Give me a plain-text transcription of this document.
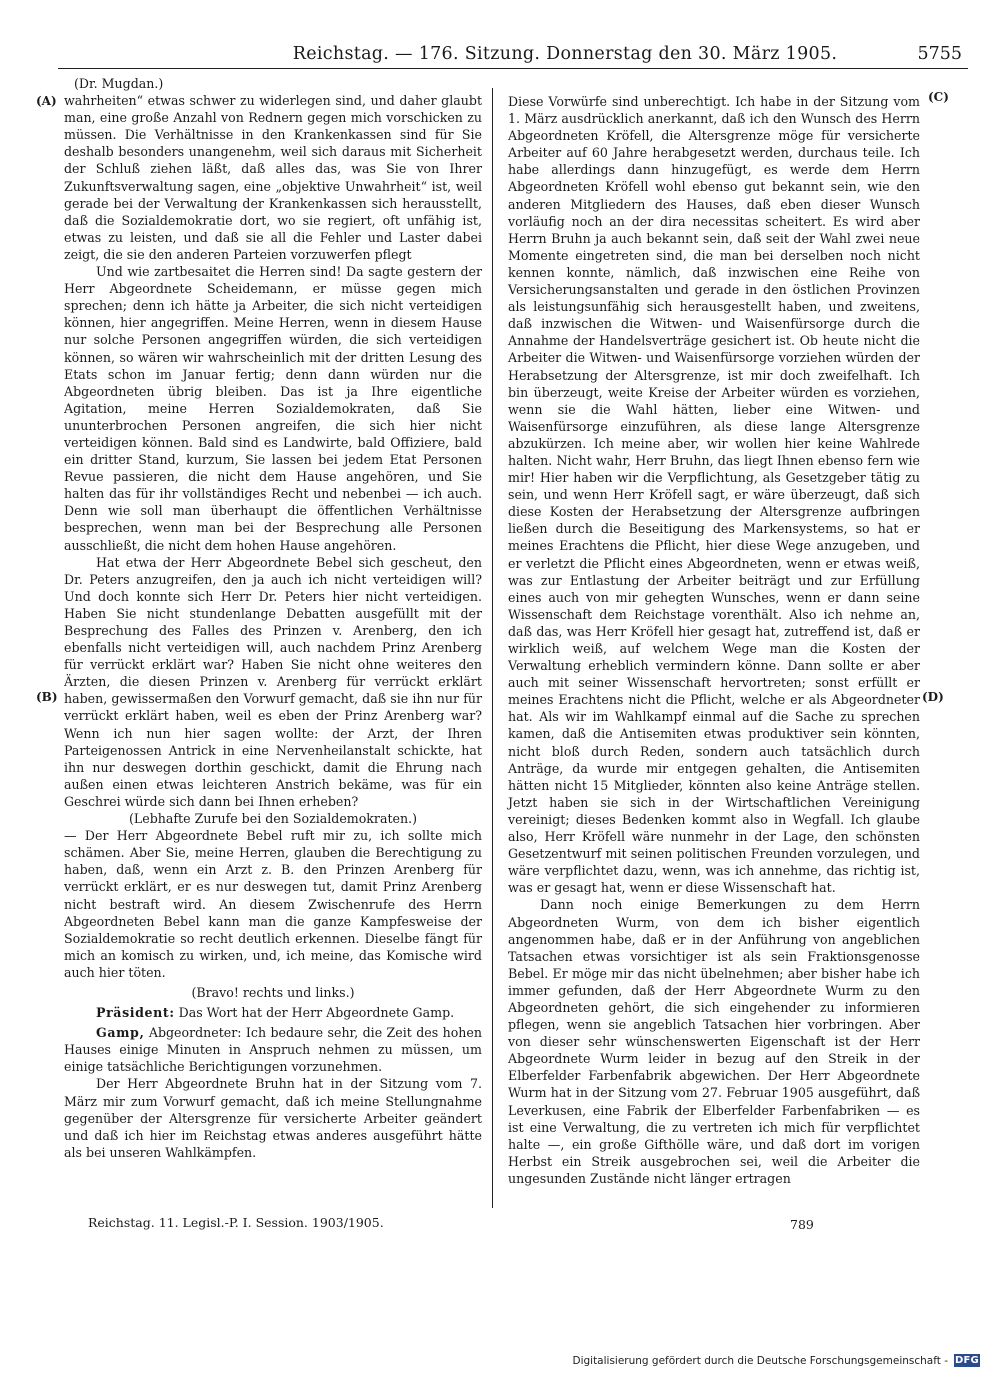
Reichstag. — 176. Sitzung. Donnerstag den 30. März 1905.	5755
(A)
(B)
(C)
(D)

(Dr. Mugdan.)

wahrheiten“ etwas schwer zu widerlegen sind, und daher glaubt man, eine große Anzahl von Rednern gegen mich vorschicken zu müssen. Die Verhältnisse in den Krankenkassen sind für Sie deshalb besonders unangenehm, weil sich daraus mit Sicherheit der Schluß ziehen läßt, daß alles das, was Sie von Ihrer Zukunftsverwaltung sagen, eine „objektive Unwahrheit“ ist, weil gerade bei der Verwaltung der Krankenkassen sich herausstellt, daß die Sozialdemokratie dort, wo sie regiert, oft unfähig ist, etwas zu leisten, und daß sie all die Fehler und Laster dabei zeigt, die sie den anderen Parteien vorzuwerfen pflegt

Und wie zartbesaitet die Herren sind! Da sagte gestern der Herr Abgeordnete Scheidemann, er müsse gegen mich sprechen; denn ich hätte ja Arbeiter, die sich nicht verteidigen können, hier angegriffen. Meine Herren, wenn in diesem Hause nur solche Personen angegriffen würden, die sich verteidigen können, so wären wir wahrscheinlich mit der dritten Lesung des Etats schon im Januar fertig; denn dann würden nur die Abgeordneten übrig bleiben. Das ist ja Ihre eigentliche Agitation, meine Herren Sozialdemokraten, daß Sie ununterbrochen Personen angreifen, die sich hier nicht verteidigen können. Bald sind es Landwirte, bald Offiziere, bald ein dritter Stand, kurzum, Sie lassen bei jedem Etat Personen Revue passieren, die nicht dem Hause angehören, und Sie halten das für ihr vollständiges Recht und nebenbei — ich auch. Denn wie soll man überhaupt die öffentlichen Verhältnisse besprechen, wenn man bei der Besprechung alle Personen ausschließt, die nicht dem hohen Hause angehören.

Hat etwa der Herr Abgeordnete Bebel sich gescheut, den Dr. Peters anzugreifen, den ja auch ich nicht verteidigen will? Und doch konnte sich Herr Dr. Peters hier nicht verteidigen. Haben Sie nicht stundenlange Debatten ausgefüllt mit der Besprechung des Falles des Prinzen v. Arenberg, den ich ebenfalls nicht verteidigen will, auch nachdem Prinz Arenberg für verrückt erklärt war? Haben Sie nicht ohne weiteres den Ärzten, die diesen Prinzen v. Arenberg für verrückt erklärt haben, gewissermaßen den Vorwurf gemacht, daß sie ihn nur für verrückt erklärt haben, weil es eben der Prinz Arenberg war? Wenn ich nun hier sagen wollte: der Arzt, der Ihren Parteigenossen Antrick in eine Nervenheilanstalt schickte, hat ihn nur deswegen dorthin geschickt, damit die Ehrung nach außen einen etwas leichteren Anstrich bekäme, was für ein Geschrei würde sich dann bei Ihnen erheben?

(Lebhafte Zurufe bei den Sozialdemokraten.)

— Der Herr Abgeordnete Bebel ruft mir zu, ich sollte mich schämen. Aber Sie, meine Herren, glauben die Berechtigung zu haben, daß, wenn ein Arzt z. B. den Prinzen Arenberg für verrückt erklärt, er es nur deswegen tut, damit Prinz Arenberg nicht bestraft wird. An diesem Zwischenrufe des Herrn Abgeordneten Bebel kann man die ganze Kampfesweise der Sozialdemokratie so recht deutlich erkennen. Dieselbe fängt für mich an komisch zu wirken, und, ich meine, das Komische wird auch hier töten.

(Bravo! rechts und links.)

Präsident: Das Wort hat der Herr Abgeordnete Gamp.

Gamp, Abgeordneter: Ich bedaure sehr, die Zeit des hohen Hauses einige Minuten in Anspruch nehmen zu müssen, um einige tatsächliche Berichtigungen vorzunehmen.

Der Herr Abgeordnete Bruhn hat in der Sitzung vom 7. März mir zum Vorwurf gemacht, daß ich meine Stellungnahme gegenüber der Altersgrenze für versicherte Arbeiter geändert und daß ich hier im Reichstag etwas anderes ausgeführt hätte als bei unseren Wahlkämpfen.

Diese Vorwürfe sind unberechtigt. Ich habe in der Sitzung vom 1. März ausdrücklich anerkannt, daß ich den Wunsch des Herrn Abgeordneten Kröfell, die Altersgrenze möge für versicherte Arbeiter auf 60 Jahre herabgesetzt werden, durchaus teile. Ich habe allerdings dann hinzugefügt, es werde dem Herrn Abgeordneten Kröfell wohl ebenso gut bekannt sein, wie den anderen Mitgliedern des Hauses, daß eben dieser Wunsch vorläufig noch an der dira necessitas scheitert. Es wird aber Herrn Bruhn ja auch bekannt sein, daß seit der Wahl zwei neue Momente eingetreten sind, die man bei derselben noch nicht kennen konnte, nämlich, daß inzwischen eine Reihe von Versicherungsanstalten und gerade in den östlichen Provinzen als leistungsunfähig sich herausgestellt haben, und zweitens, daß inzwischen die Witwen- und Waisenfürsorge durch die Annahme der Handelsverträge gesichert ist. Ob heute nicht die Arbeiter die Witwen- und Waisenfürsorge vorziehen würden der Herabsetzung der Altersgrenze, ist mir doch zweifelhaft. Ich bin überzeugt, weite Kreise der Arbeiter würden es vorziehen, wenn sie die Wahl hätten, lieber eine Witwen- und Waisenfürsorge einzuführen, als diese lange Altersgrenze abzukürzen. Ich meine aber, wir wollen hier keine Wahlrede halten. Nicht wahr, Herr Bruhn, das liegt Ihnen ebenso fern wie mir! Hier haben wir die Verpflichtung, als Gesetzgeber tätig zu sein, und wenn Herr Kröfell sagt, er wäre überzeugt, daß sich diese Kosten der Herabsetzung der Altersgrenze aufbringen ließen durch die Beseitigung des Markensystems, so hat er meines Erachtens die Pflicht, hier diese Wege anzugeben, und er verletzt die Pflicht eines Abgeordneten, wenn er etwas weiß, was zur Entlastung der Arbeiter beiträgt und zur Erfüllung eines auch von mir gehegten Wunsches, wenn er dann seine Wissenschaft dem Reichstage vorenthält. Also ich nehme an, daß das, was Herr Kröfell hier gesagt hat, zutreffend ist, daß er wirklich weiß, auf welchem Wege man die Kosten der Verwaltung erheblich vermindern könne. Dann sollte er aber auch mit seiner Wissenschaft hervortreten; sonst erfüllt er meines Erachtens nicht die Pflicht, welche er als Abgeordneter hat. Als wir im Wahlkampf einmal auf die Sache zu sprechen kamen, daß die Antisemiten etwas produktiver sein könnten, nicht bloß durch Reden, sondern auch tatsächlich durch Anträge, da wurde mir entgegen gehalten, die Antisemiten hätten nicht 15 Mitglieder, könnten also keine Anträge stellen. Jetzt haben sie sich in der Wirtschaftlichen Vereinigung vereinigt; dieses Bedenken kommt also in Wegfall. Ich glaube also, Herr Kröfell wäre nunmehr in der Lage, den schönsten Gesetzentwurf mit seinen politischen Freunden vorzulegen, und wäre verpflichtet dazu, wenn, was ich annehme, das richtig ist, was er gesagt hat, wenn er diese Wissenschaft hat.

Dann noch einige Bemerkungen zu dem Herrn Abgeordneten Wurm, von dem ich bisher eigentlich angenommen habe, daß er in der Anführung von angeblichen Tatsachen etwas vorsichtiger ist als sein Fraktionsgenosse Bebel. Er möge mir das nicht übelnehmen; aber bisher habe ich immer gefunden, daß der Herr Abgeordnete Wurm zu den Abgeordneten gehört, die sich eingehender zu informieren pflegen, wenn sie angeblich Tatsachen hier vorbringen. Aber von dieser sehr wünschenswerten Eigenschaft ist der Herr Abgeordnete Wurm leider in bezug auf den Streik in der Elberfelder Farbenfabrik abgewichen. Der Herr Abgeordnete Wurm hat in der Sitzung vom 27. Februar 1905 ausgeführt, daß Leverkusen, eine Fabrik der Elberfelder Farbenfabriken — es ist eine Verwaltung, die zu vertreten ich mich für verpflichtet halte —, ein große Gifthölle wäre, und daß dort im vorigen Herbst ein Streik ausgebrochen sei, weil die Arbeiter die ungesunden Zustände nicht länger ertragen

Reichstag. 11. Legisl.-P. I. Session. 1903/1905.	789
Digitalisierung gefördert durch die Deutsche Forschungsgemeinschaft - DFG
